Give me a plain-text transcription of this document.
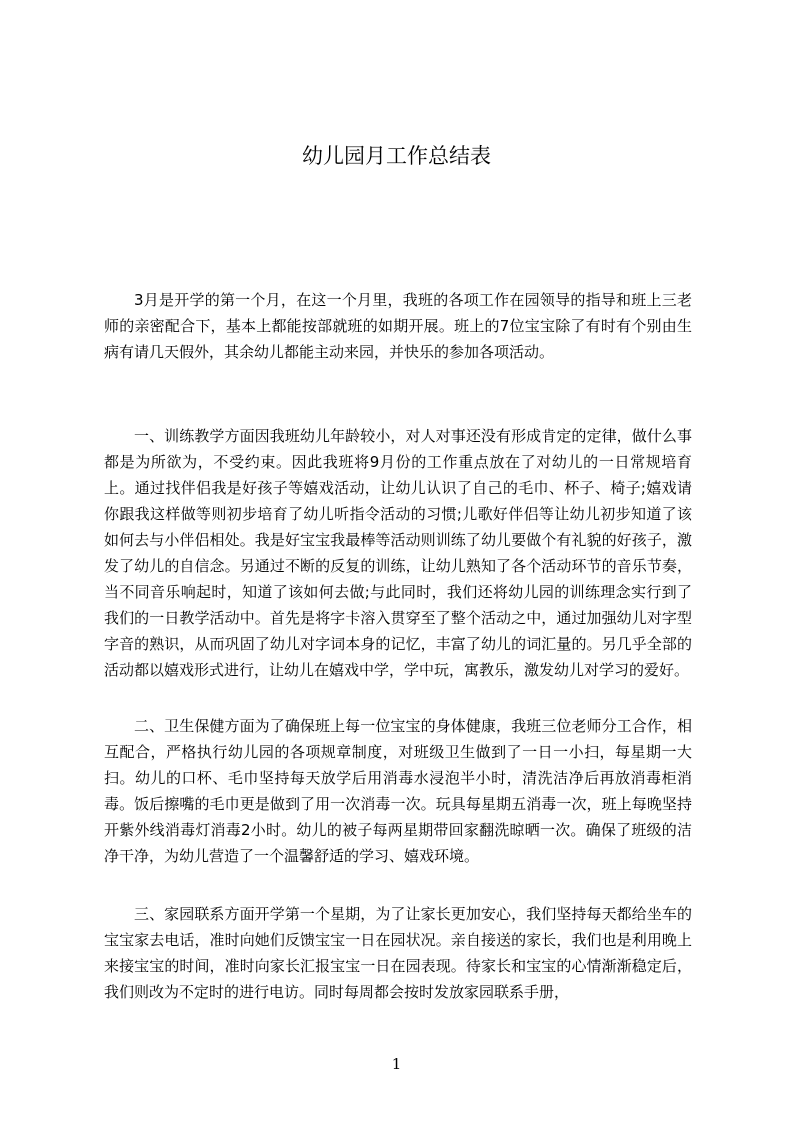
幼儿园月工作总结表

3月是开学的第一个月，在这一个月里，我班的各项工作在园领导的指导和班上三老师的亲密配合下，基本上都能按部就班的如期开展。班上的7位宝宝除了有时有个别由生病有请几天假外，其余幼儿都能主动来园，并快乐的参加各项活动。

一、训练教学方面因我班幼儿年龄较小，对人对事还没有形成肯定的定律，做什么事都是为所欲为，不受约束。因此我班将9月份的工作重点放在了对幼儿的一日常规培育上。通过找伴侣我是好孩子等嬉戏活动，让幼儿认识了自己的毛巾、杯子、椅子;嬉戏请你跟我这样做等则初步培育了幼儿听指令活动的习惯;儿歌好伴侣等让幼儿初步知道了该如何去与小伴侣相处。我是好宝宝我最棒等活动则训练了幼儿要做个有礼貌的好孩子，激发了幼儿的自信念。另通过不断的反复的训练，让幼儿熟知了各个活动环节的音乐节奏，当不同音乐响起时，知道了该如何去做;与此同时，我们还将幼儿园的训练理念实行到了我们的一日教学活动中。首先是将字卡溶入贯穿至了整个活动之中，通过加强幼儿对字型字音的熟识，从而巩固了幼儿对字词本身的记忆，丰富了幼儿的词汇量的。另几乎全部的活动都以嬉戏形式进行，让幼儿在嬉戏中学，学中玩，寓教乐，激发幼儿对学习的爱好。

二、卫生保健方面为了确保班上每一位宝宝的身体健康，我班三位老师分工合作，相互配合，严格执行幼儿园的各项规章制度，对班级卫生做到了一日一小扫，每星期一大扫。幼儿的口杯、毛巾坚持每天放学后用消毒水浸泡半小时，清洗洁净后再放消毒柜消毒。饭后擦嘴的毛巾更是做到了用一次消毒一次。玩具每星期五消毒一次，班上每晚坚持开紫外线消毒灯消毒2小时。幼儿的被子每两星期带回家翻洗晾晒一次。确保了班级的洁净干净，为幼儿营造了一个温馨舒适的学习、嬉戏环境。

三、家园联系方面开学第一个星期，为了让家长更加安心，我们坚持每天都给坐车的宝宝家去电话，准时向她们反馈宝宝一日在园状况。亲自接送的家长，我们也是利用晚上来接宝宝的时间，准时向家长汇报宝宝一日在园表现。待家长和宝宝的心情渐渐稳定后，我们则改为不定时的进行电访。同时每周都会按时发放家园联系手册，

1
